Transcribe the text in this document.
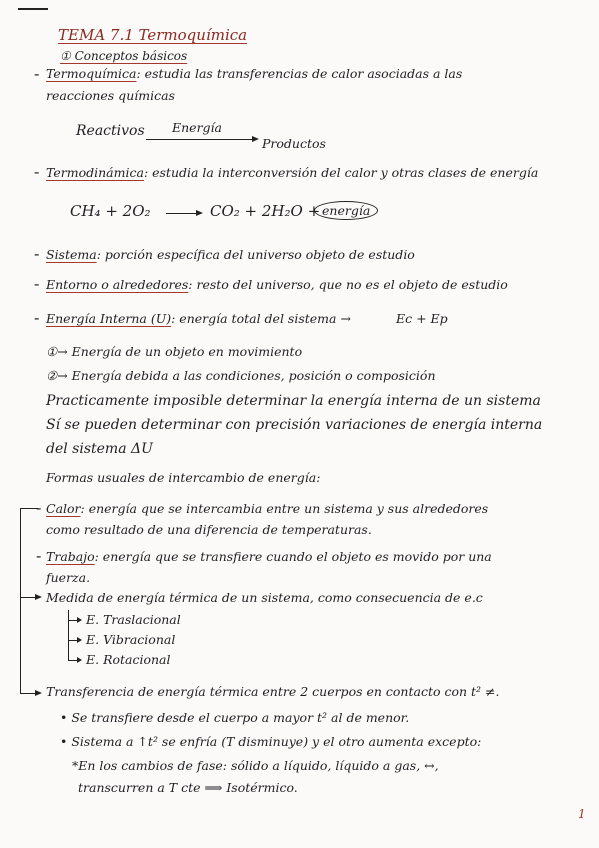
TEMA 7.1 Termoquímica
① Conceptos básicos
- Termoquímica: estudia las transferencias de calor asociadas a las
reacciones químicas
Reactivos Energía
Productos
- Termodinámica: estudia la interconversión del calor y otras clases de energía
CH₄ + 2O₂	CO₂ + 2H₂O + energía
- Sistema: porción específica del universo objeto de estudio
- Entorno o alrededores: resto del universo, que no es el objeto de estudio
- Energía Interna (U): energía total del sistema →	Ec + Ep
①→ Energía de un objeto en movimiento
②→ Energía debida a las condiciones, posición o composición
Practicamente imposible determinar la energía interna de un sistema
Sí se pueden determinar con precisión variaciones de energía interna
del sistema ΔU
Formas usuales de intercambio de energía:
- Calor: energía que se intercambia entre un sistema y sus alrededores
como resultado de una diferencia de temperaturas.
- Trabajo: energía que se transfiere cuando el objeto es movido por una
fuerza.
Medida de energía térmica de un sistema, como consecuencia de e.c
E. Traslacional
E. Vibracional
E. Rotacional
Transferencia de energía térmica entre 2 cuerpos en contacto con t² ≠.
• Se transfiere desde el cuerpo a mayor t² al de menor.
• Sistema a ↑t² se enfría (T disminuye) y el otro aumenta excepto:
*En los cambios de fase: sólido a líquido, líquido a gas, ↔,
transcurren a T cte ⟹ Isotérmico.
1
